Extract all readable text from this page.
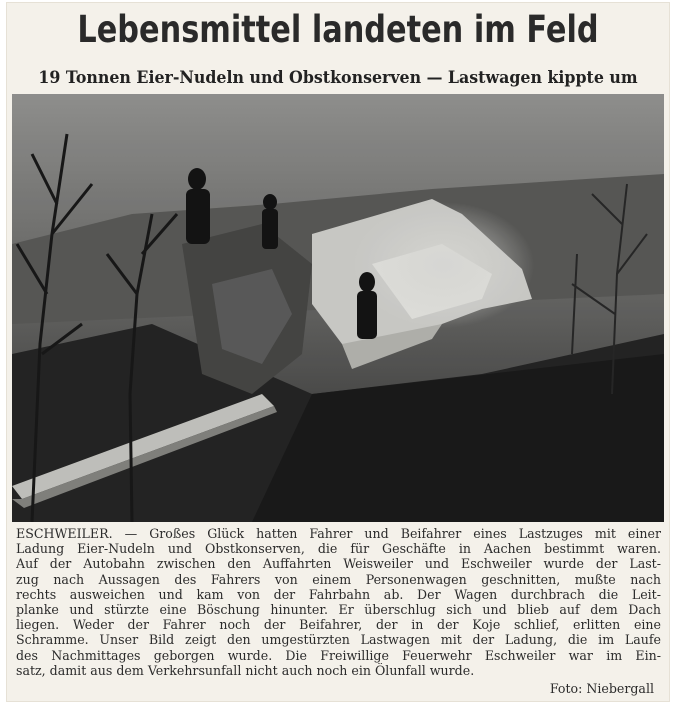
Lebensmittel landeten im Feld
19 Tonnen Eier-Nudeln und Obstkonserven — Lastwagen kippte um
ESCHWEILER. — Großes Glück hatten Fahrer und Beifahrer eines Lastzuges mit einer
Ladung Eier-Nudeln und Obstkonserven, die für Geschäfte in Aachen bestimmt waren.
Auf der Autobahn zwischen den Auffahrten Weisweiler und Eschweiler wurde der Last-
zug nach Aussagen des Fahrers von einem Personenwagen geschnitten, mußte nach
rechts ausweichen und kam von der Fahrbahn ab. Der Wagen durchbrach die Leit-
planke und stürzte eine Böschung hinunter. Er überschlug sich und blieb auf dem Dach
liegen. Weder der Fahrer noch der Beifahrer, der in der Koje schlief, erlitten eine
Schramme. Unser Bild zeigt den umgestürzten Lastwagen mit der Ladung, die im Laufe
des Nachmittages geborgen wurde. Die Freiwillige Feuerwehr Eschweiler war im Ein-
satz, damit aus dem Verkehrsunfall nicht auch noch ein Ölunfall wurde.
Foto: Niebergall
